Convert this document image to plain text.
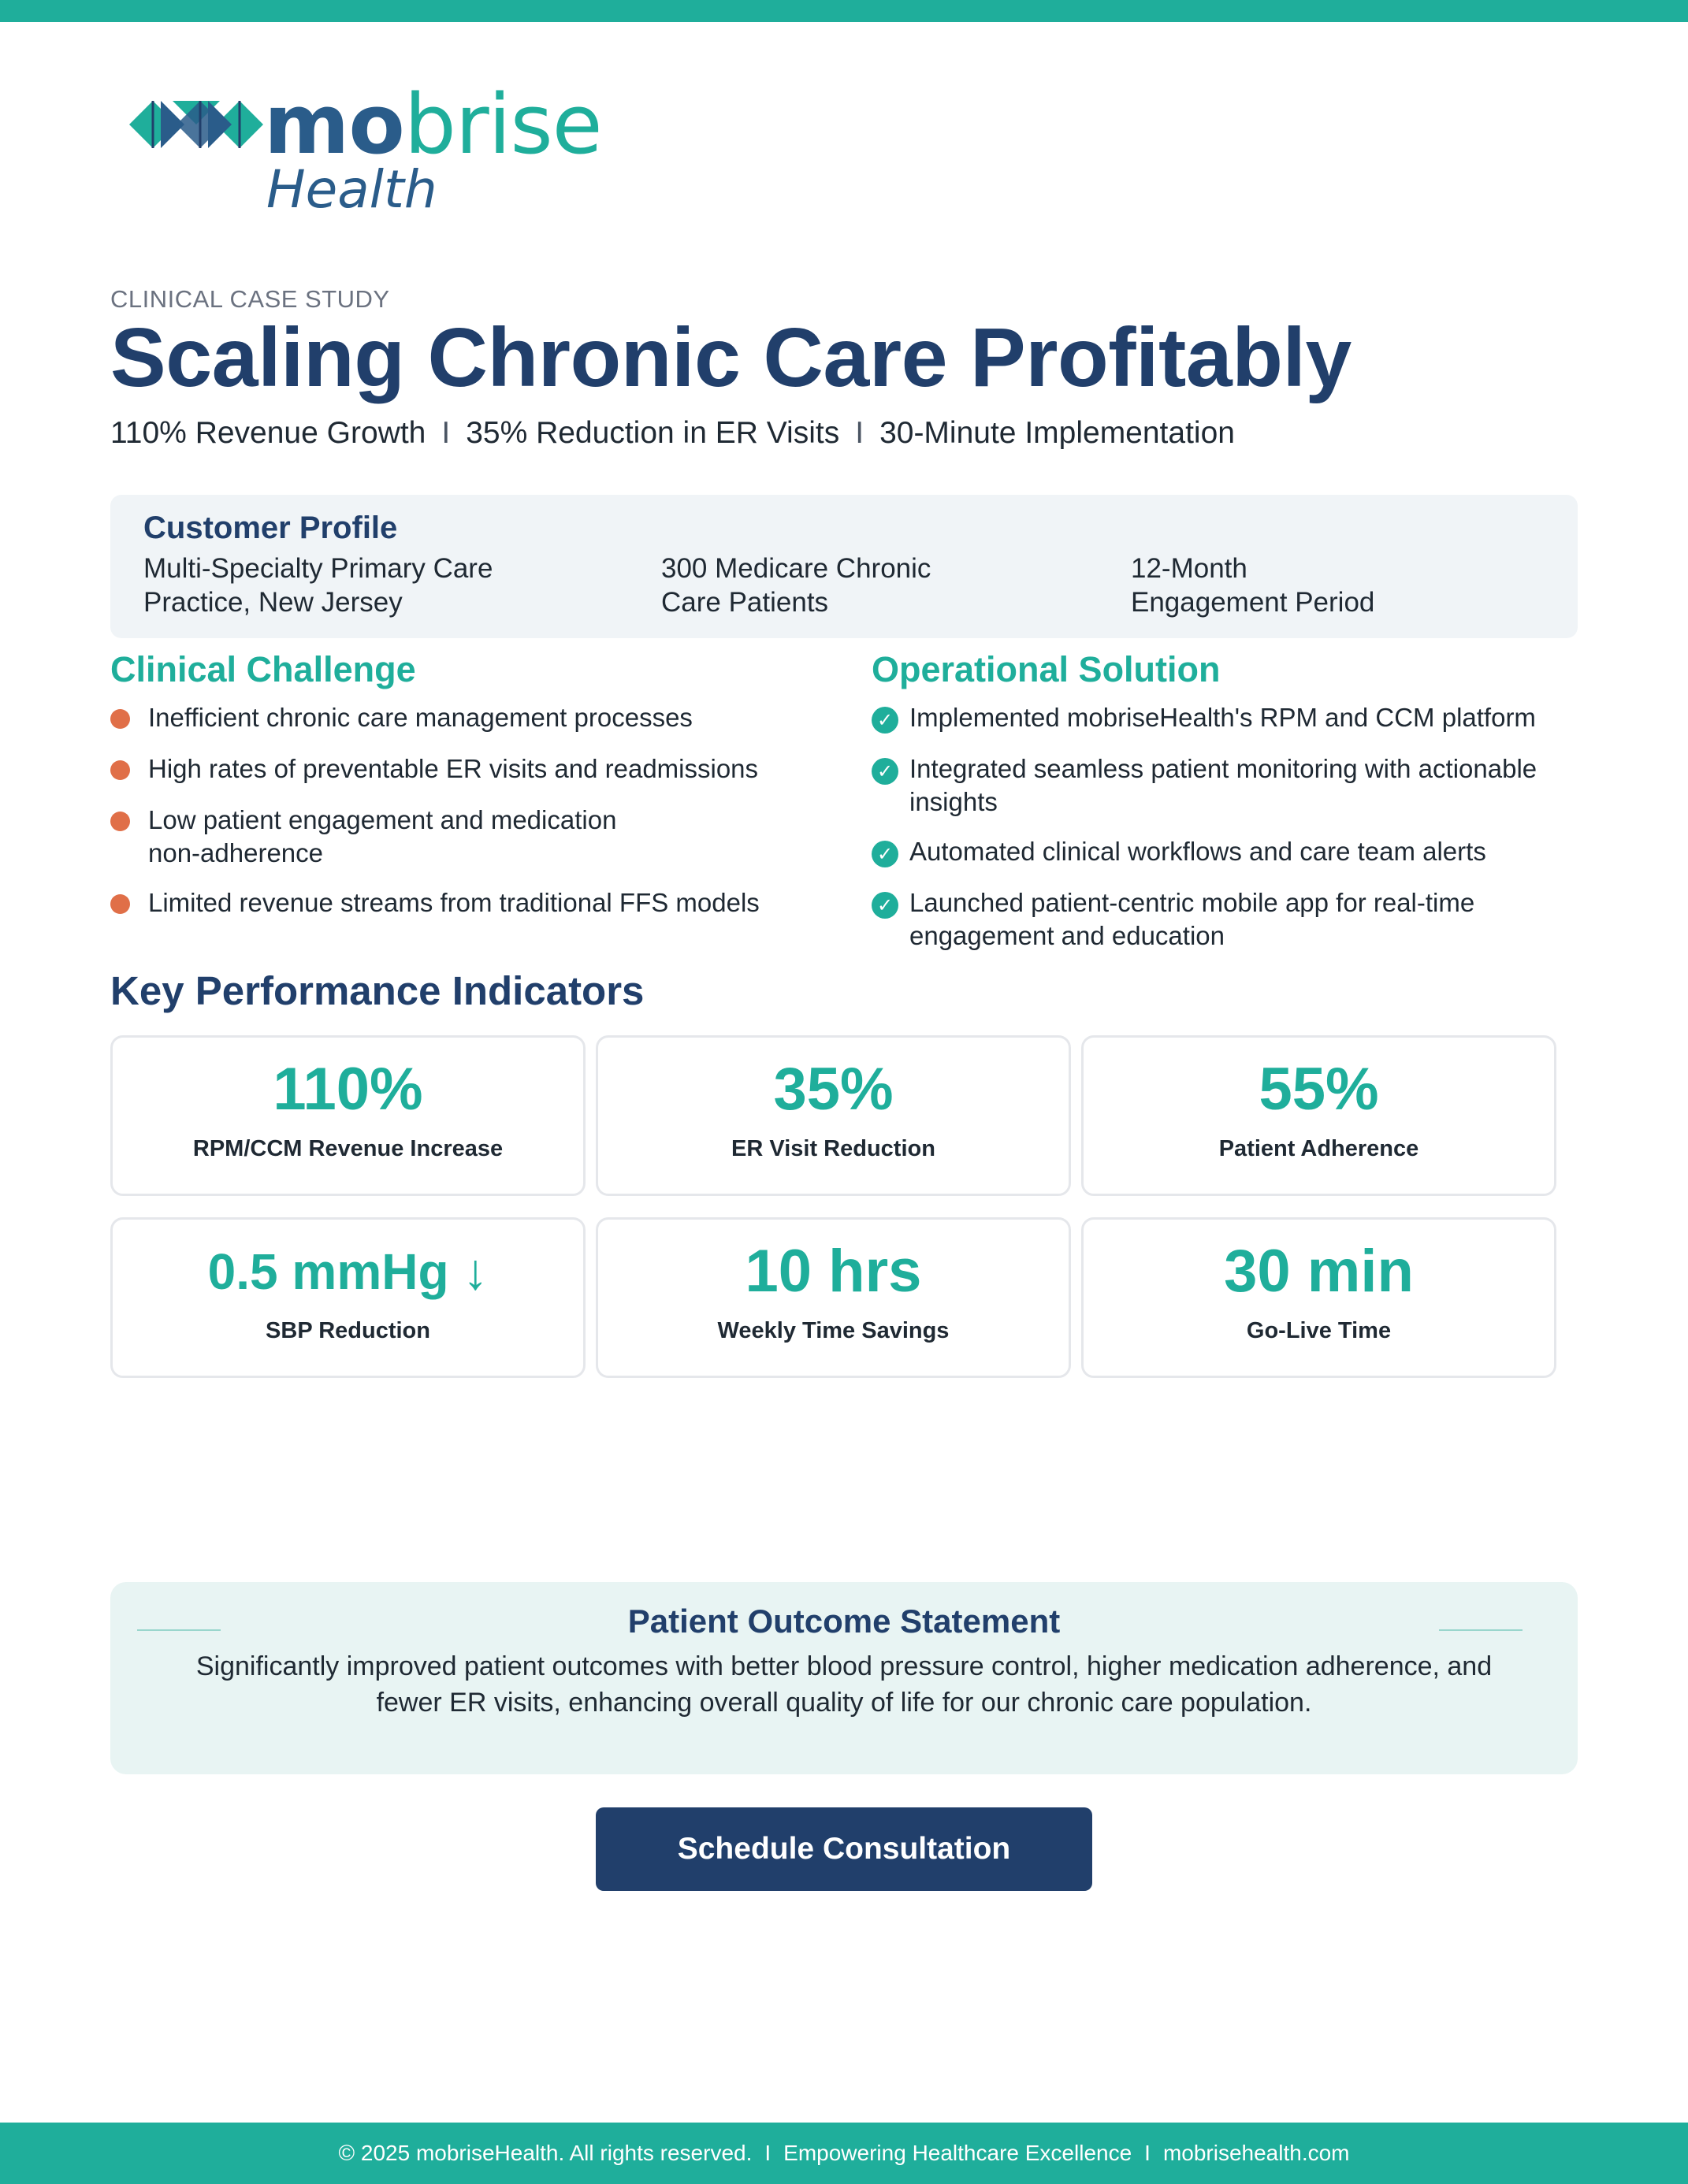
mobrise
Health
CLINICAL CASE STUDY
Scaling Chronic Care Profitably
110% Revenue Growth I 35% Reduction in ER Visits I 30-Minute Implementation
Customer Profile
Multi-Specialty Primary Care
Practice, New Jersey
300 Medicare Chronic
Care Patients
12-Month
Engagement Period
Clinical Challenge
Inefficient chronic care management processes
High rates of preventable ER visits and readmissions
Low patient engagement and medication non-adherence
Limited revenue streams from traditional FFS models
Operational Solution
✓ Implemented mobriseHealth's RPM and CCM platform
✓ Integrated seamless patient monitoring with actionable insights
✓ Automated clinical workflows and care team alerts
✓ Launched patient-centric mobile app for real-time engagement and education
Key Performance Indicators
110%
RPM/CCM Revenue Increase
35%
ER Visit Reduction
55%
Patient Adherence
0.5 mmHg ↓
SBP Reduction
10 hrs
Weekly Time Savings
30 min
Go-Live Time
Patient Outcome Statement

Significantly improved patient outcomes with better blood pressure control, higher medication adherence, and fewer ER visits, enhancing overall quality of life for our chronic care population.

Schedule Consultation
© 2025 mobriseHealth. All rights reserved. I Empowering Healthcare Excellence I mobrisehealth.com
